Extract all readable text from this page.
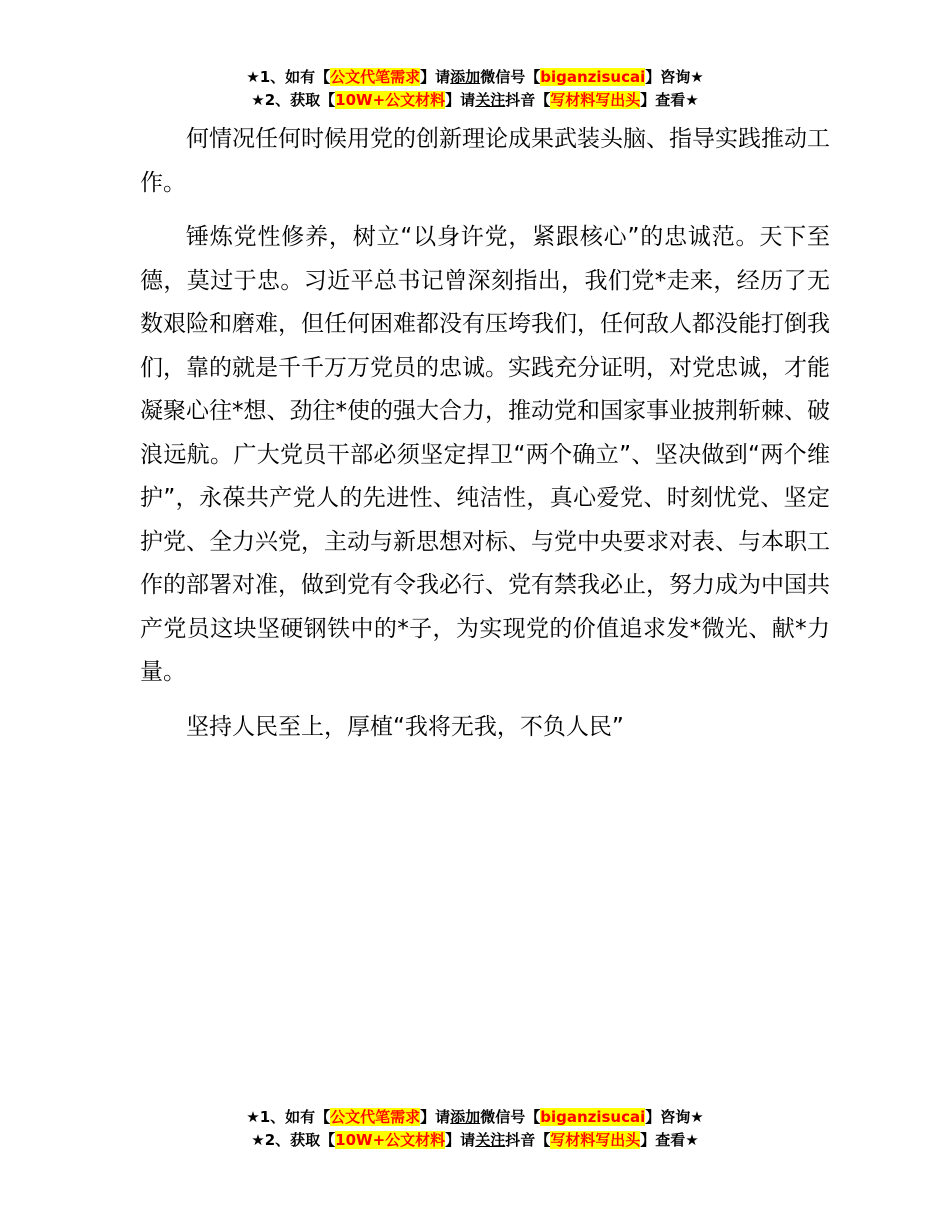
★1、如有【公文代笔需求】请添加微信号【biganzisucai】咨询★
★2、获取【10W+公文材料】请关注抖音【写材料写出头】查看★

何情况任何时候用党的创新理论成果武装头脑、指导实践推动工作。

锤炼党性修养，树立“以身许党，紧跟核心”的忠诚范。天下至德，莫过于忠。习近平总书记曾深刻指出，我们党*走来，经历了无数艰险和磨难，但任何困难都没有压垮我们，任何敌人都没能打倒我们，靠的就是千千万万党员的忠诚。实践充分证明，对党忠诚，才能凝聚心往*想、劲往*使的强大合力，推动党和国家事业披荆斩棘、破浪远航。广大党员干部必须坚定捍卫“两个确立”、坚决做到“两个维护”，永葆共产党人的先进性、纯洁性，真心爱党、时刻忧党、坚定护党、全力兴党，主动与新思想对标、与党中央要求对表、与本职工作的部署对准，做到党有令我必行、党有禁我必止，努力成为中国共产党员这块坚硬钢铁中的*子，为实现党的价值追求发*微光、献*力量。

坚持人民至上，厚植“我将无我，不负人民”

★1、如有【公文代笔需求】请添加微信号【biganzisucai】咨询★
★2、获取【10W+公文材料】请关注抖音【写材料写出头】查看★
